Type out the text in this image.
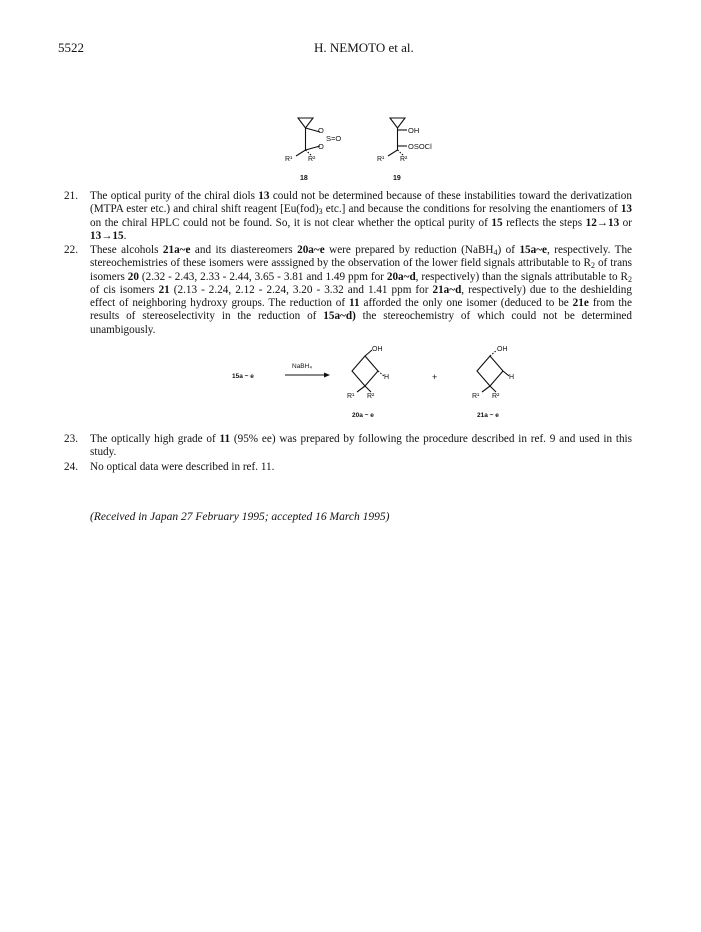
5522	H. NEMOTO et al.
O
S=O
O
R¹ R²
18
OH
OSOCl
R¹ R²
19
21. The optical purity of the chiral diols 13 could not be determined because of these instabilities toward the derivatization (MTPA ester etc.) and chiral shift reagent [$Eu(fod)_3$ etc.] and because the conditions for resolving the enantiomers of 13 on the chiral HPLC could not be found. So, it is not clear whether the optical purity of 15 reflects the steps 12→13 or 13→15.

22. These alcohols 21a~e and its diastereomers 20a~e were prepared by reduction (NaBH$_4$) of 15a~e, respectively. The stereochemistries of these isomers were asssigned by the observation of the lower field signals attributable to $R_2$ of trans isomers 20 (2.32 - 2.43, 2.33 - 2.44, 3.65 - 3.81 and 1.49 ppm for 20a~d, respectively) than the signals attributable to $R_2$ of cis isomers 21 (2.13 - 2.24, 2.12 - 2.24, 3.20 - 3.32 and 1.41 ppm for 21a~d, respectively) due to the deshielding effect of neighboring hydroxy groups. The reduction of 11 afforded the only one isomer (deduced to be 21e from the results of stereoselectivity in the reduction of 15a~d) the stereochemistry of which could not be determined unambigously.

15a ~ e
NaBH₄
OH
H
R¹ R²
20a ~ e
+
OH
H
R¹ R²
21a ~ e
23. The optically high grade of 11 (95% ee) was prepared by following the procedure described in ref. 9 and used in this study.

24. No optical data were described in ref. 11.

(Received in Japan 27 February 1995; accepted 16 March 1995)
